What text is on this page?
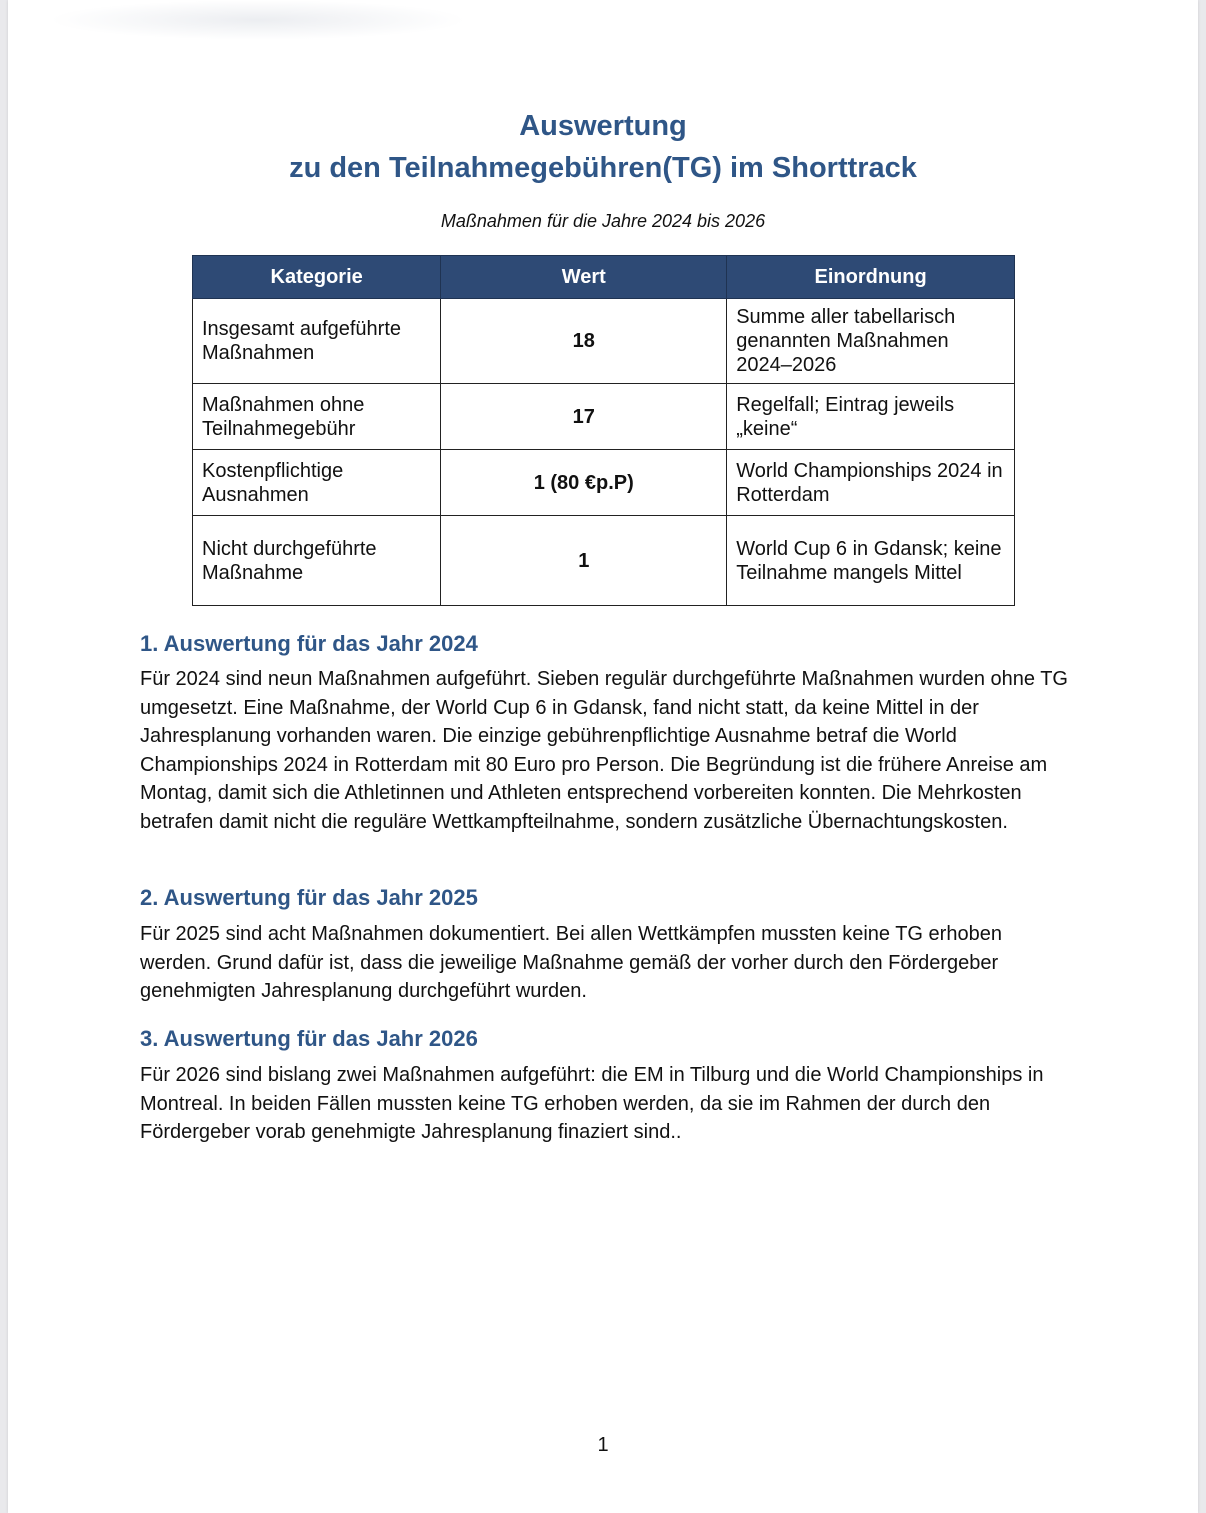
Auswertung
zu den Teilnahmegebühren(TG) im Shorttrack
Maßnahmen für die Jahre 2024 bis 2026
Kategorie	Wert	Einordnung
Insgesamt aufgeführte Maßnahmen	18	Summe aller tabellarisch genannten Maßnahmen 2024–2026
Maßnahmen ohne Teilnahmegebühr	17	Regelfall; Eintrag jeweils „keine“
Kostenpflichtige Ausnahmen	1 (80 €p.P)	World Championships 2024 in Rotterdam
Nicht durchgeführte Maßnahme	1	World Cup 6 in Gdansk; keine Teilnahme mangels Mittel
1. Auswertung für das Jahr 2024

Für 2024 sind neun Maßnahmen aufgeführt. Sieben regulär durchgeführte Maßnahmen wurden ohne TG umgesetzt. Eine Maßnahme, der World Cup 6 in Gdansk, fand nicht statt, da keine Mittel in der Jahresplanung vorhanden waren. Die einzige gebührenpflichtige Ausnahme betraf die World Championships 2024 in Rotterdam mit 80 Euro pro Person. Die Begründung ist die frühere Anreise am Montag, damit sich die Athletinnen und Athleten entsprechend vorbereiten konnten. Die Mehrkosten betrafen damit nicht die reguläre Wettkampfteilnahme, sondern zusätzliche Übernachtungskosten.

2. Auswertung für das Jahr 2025

Für 2025 sind acht Maßnahmen dokumentiert. Bei allen Wettkämpfen mussten keine TG erhoben werden. Grund dafür ist, dass die jeweilige Maßnahme gemäß der vorher durch den Fördergeber genehmigten Jahresplanung durchgeführt wurden.

3. Auswertung für das Jahr 2026

Für 2026 sind bislang zwei Maßnahmen aufgeführt: die EM in Tilburg und die World Championships in Montreal. In beiden Fällen mussten keine TG erhoben werden, da sie im Rahmen der durch den Fördergeber vorab genehmigte Jahresplanung finaziert sind..

1
